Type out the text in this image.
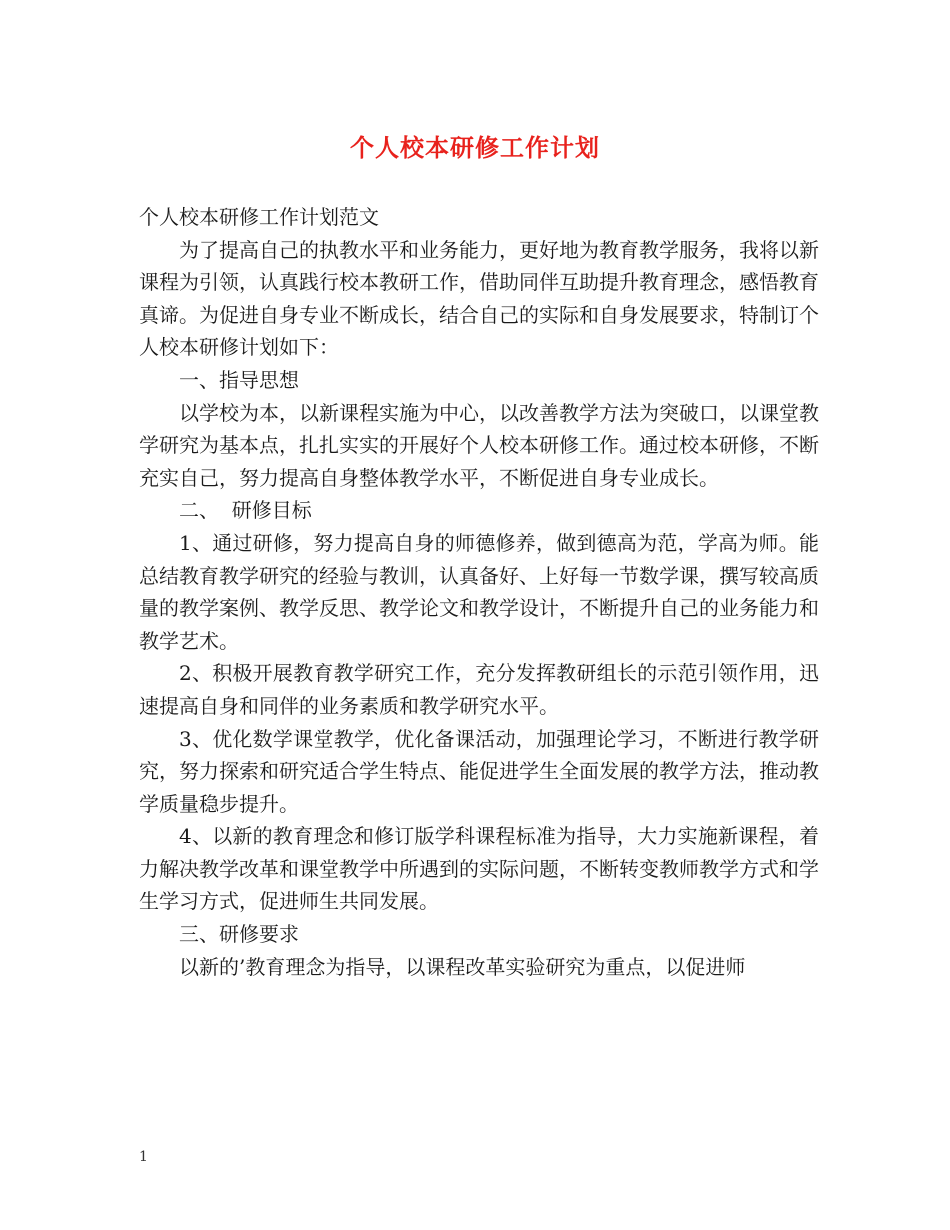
个人校本研修工作计划

个人校本研修工作计划范文

为了提高自己的执教水平和业务能力，更好地为教育教学服务，我将以新课程为引领，认真践行校本教研工作，借助同伴互助提升教育理念，感悟教育真谛。为促进自身专业不断成长，结合自己的实际和自身发展要求，特制订个人校本研修计划如下：

一、指导思想

以学校为本，以新课程实施为中心，以改善教学方法为突破口，以课堂教学研究为基本点，扎扎实实的开展好个人校本研修工作。通过校本研修，不断充实自己，努力提高自身整体教学水平，不断促进自身专业成长。

二、  研修目标

1、通过研修，努力提高自身的师德修养，做到德高为范，学高为师。能总结教育教学研究的经验与教训，认真备好、上好每一节数学课，撰写较高质量的教学案例、教学反思、教学论文和教学设计，不断提升自己的业务能力和教学艺术。

2、积极开展教育教学研究工作，充分发挥教研组长的示范引领作用，迅速提高自身和同伴的业务素质和教学研究水平。

3、优化数学课堂教学，优化备课活动，加强理论学习，不断进行教学研究，努力探索和研究适合学生特点、能促进学生全面发展的教学方法，推动教学质量稳步提升。

4、以新的教育理念和修订版学科课程标准为指导，大力实施新课程，着力解决教学改革和课堂教学中所遇到的实际问题，不断转变教师教学方式和学生学习方式，促进师生共同发展。

三、研修要求

以新的’教育理念为指导，以课程改革实验研究为重点，以促进师

1
